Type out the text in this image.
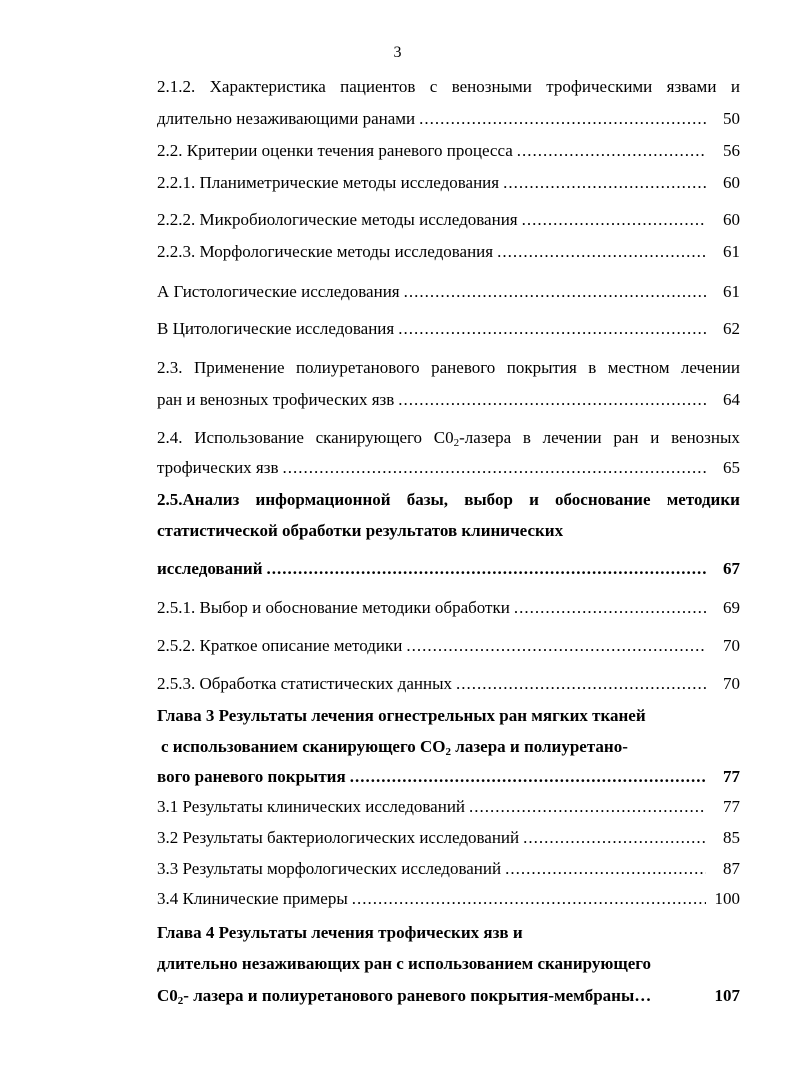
3
2.1.2. Характеристика пациентов с венозными трофическими язвами и
длительно незаживающими ранами .....	50
2.2. Критерии оценки течения раневого процесса .....	56
2.2.1. Планиметрические методы исследования .....	60
2.2.2. Микробиологические методы исследования .....	60
2.2.3. Морфологические методы исследования .....	61
А Гистологические исследования .....	61
В Цитологические исследования .....	62
2.3. Применение полиуретанового раневого покрытия в местном лечении
ран и венозных трофических язв .....	64
2.4. Использование сканирующего $С0_2$-лазера в лечении ран и венозных
трофических язв .....	65
2.5.Анализ информационной базы, выбор и обоснование методики
статистической обработки результатов клинических
исследований .....	67
2.5.1. Выбор и обоснование методики обработки .....	69
2.5.2. Краткое описание методики .....	70
2.5.3. Обработка статистических данных .....	70
Глава 3 Результаты лечения огнестрельных ран мягких тканей
с использованием сканирующего $СО_2$ лазера и полиуретано-
вого раневого покрытия .....	77
3.1 Результаты клинических исследований .....	77
3.2 Результаты бактериологических исследований .....	85
3.3 Результаты морфологических исследований .....	87
3.4 Клинические примеры .....	100
Глава 4 Результаты лечения трофических язв и
длительно незаживающих ран с использованием сканирующего
$С0_2-$ лазера и полиуретанового раневого покрытия-мембраны…	107
